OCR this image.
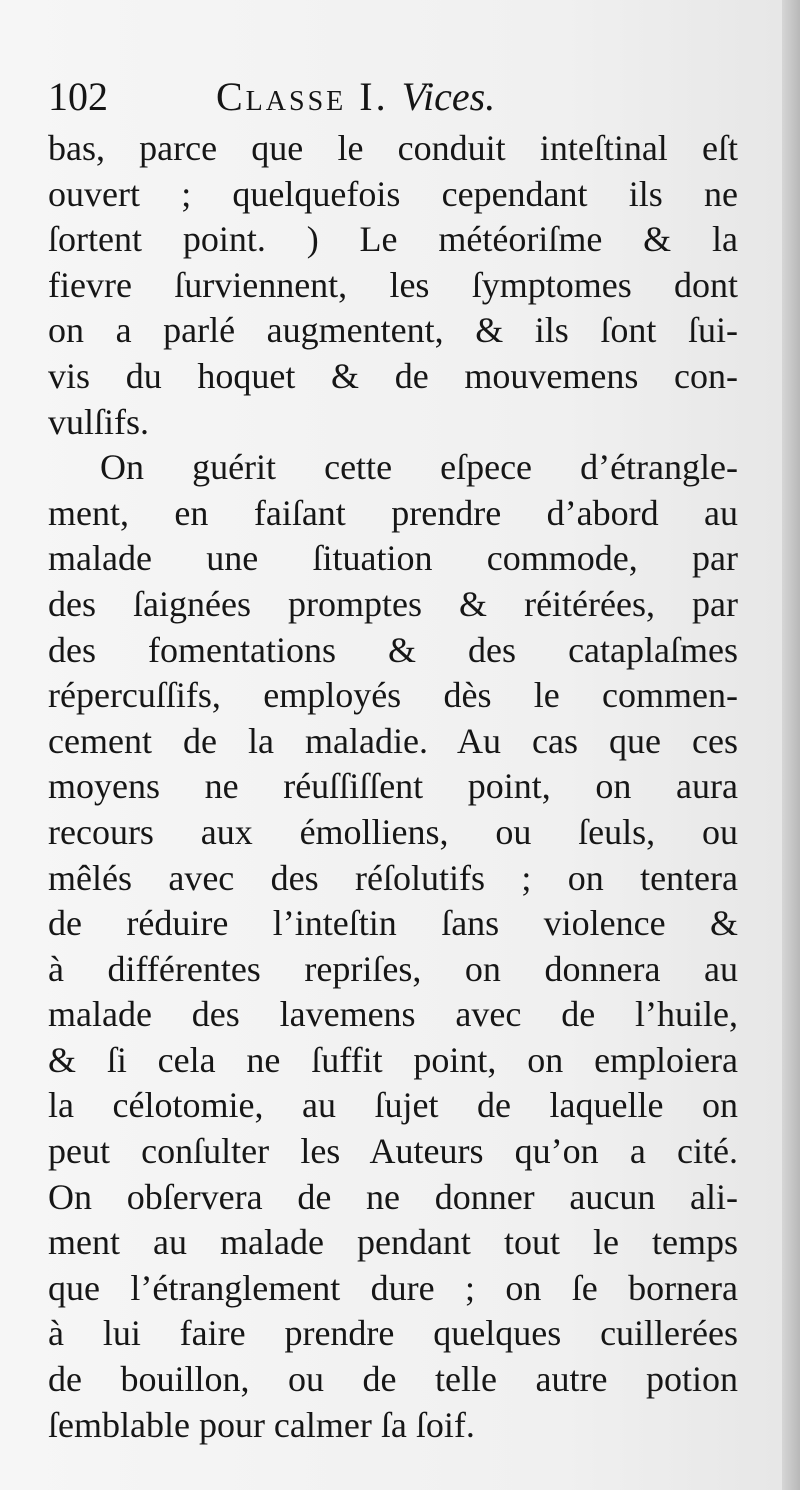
102	Classe I. Vices.
bas, parce que le conduit inteſtinal eſt
ouvert ; quelquefois cependant ils ne
ſortent point. ) Le météoriſme & la
fievre ſurviennent, les ſymptomes dont
on a parlé augmentent, & ils ſont ſui-
vis du hoquet & de mouvemens con-
vulſifs.
On guérit cette eſpece d’étrangle-
ment, en faiſant prendre d’abord au
malade une ſituation commode, par
des ſaignées promptes & réitérées, par
des fomentations & des cataplaſmes
répercuſſifs, employés dès le commen-
cement de la maladie. Au cas que ces
moyens ne réuſſiſſent point, on aura
recours aux émolliens, ou ſeuls, ou
mêlés avec des réſolutifs ; on tentera
de réduire l’inteſtin ſans violence &
à différentes repriſes, on donnera au
malade des lavemens avec de l’huile,
& ſi cela ne ſuffit point, on emploiera
la célotomie, au ſujet de laquelle on
peut conſulter les Auteurs qu’on a cité.
On obſervera de ne donner aucun ali-
ment au malade pendant tout le temps
que l’étranglement dure ; on ſe bornera
à lui faire prendre quelques cuillerées
de bouillon, ou de telle autre potion
ſemblable pour calmer ſa ſoif.
